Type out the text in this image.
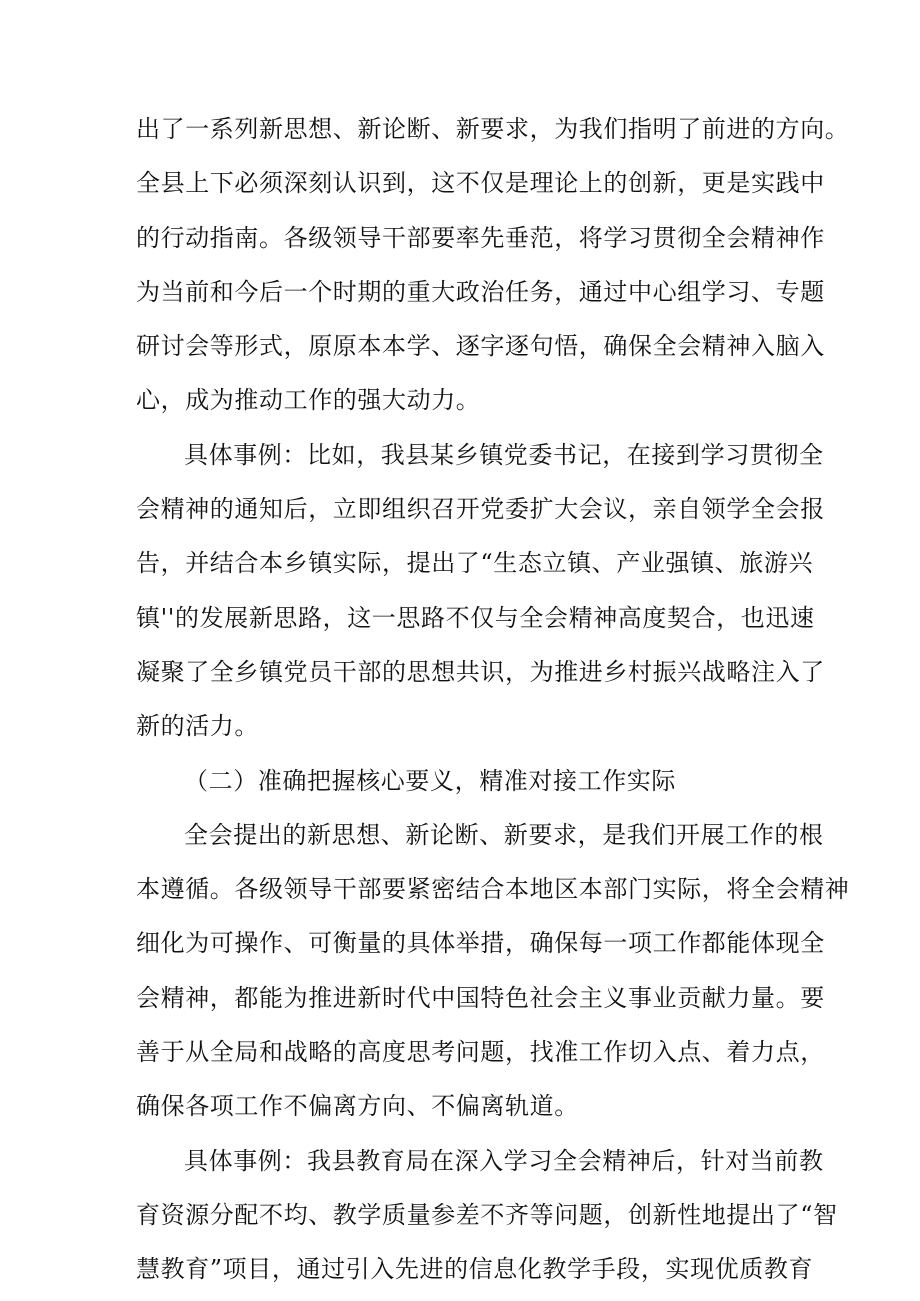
出了一系列新思想、新论断、新要求，为我们指明了前进的方向。
全县上下必须深刻认识到，这不仅是理论上的创新，更是实践中
的行动指南。各级领导干部要率先垂范，将学习贯彻全会精神作
为当前和今后一个时期的重大政治任务，通过中心组学习、专题
研讨会等形式，原原本本学、逐字逐句悟，确保全会精神入脑入
心，成为推动工作的强大动力。
具体事例：比如，我县某乡镇党委书记，在接到学习贯彻全
会精神的通知后，立即组织召开党委扩大会议，亲自领学全会报
告，并结合本乡镇实际，提出了“生态立镇、产业强镇、旅游兴
镇''的发展新思路，这一思路不仅与全会精神高度契合，也迅速
凝聚了全乡镇党员干部的思想共识，为推进乡村振兴战略注入了
新的活力。
（二）准确把握核心要义，精准对接工作实际
全会提出的新思想、新论断、新要求，是我们开展工作的根
本遵循。各级领导干部要紧密结合本地区本部门实际，将全会精神
细化为可操作、可衡量的具体举措，确保每一项工作都能体现全
会精神，都能为推进新时代中国特色社会主义事业贡献力量。要
善于从全局和战略的高度思考问题，找准工作切入点、着力点，
确保各项工作不偏离方向、不偏离轨道。
具体事例：我县教育局在深入学习全会精神后，针对当前教
育资源分配不均、教学质量参差不齐等问题，创新性地提出了“智
慧教育”项目，通过引入先进的信息化教学手段，实现优质教育
